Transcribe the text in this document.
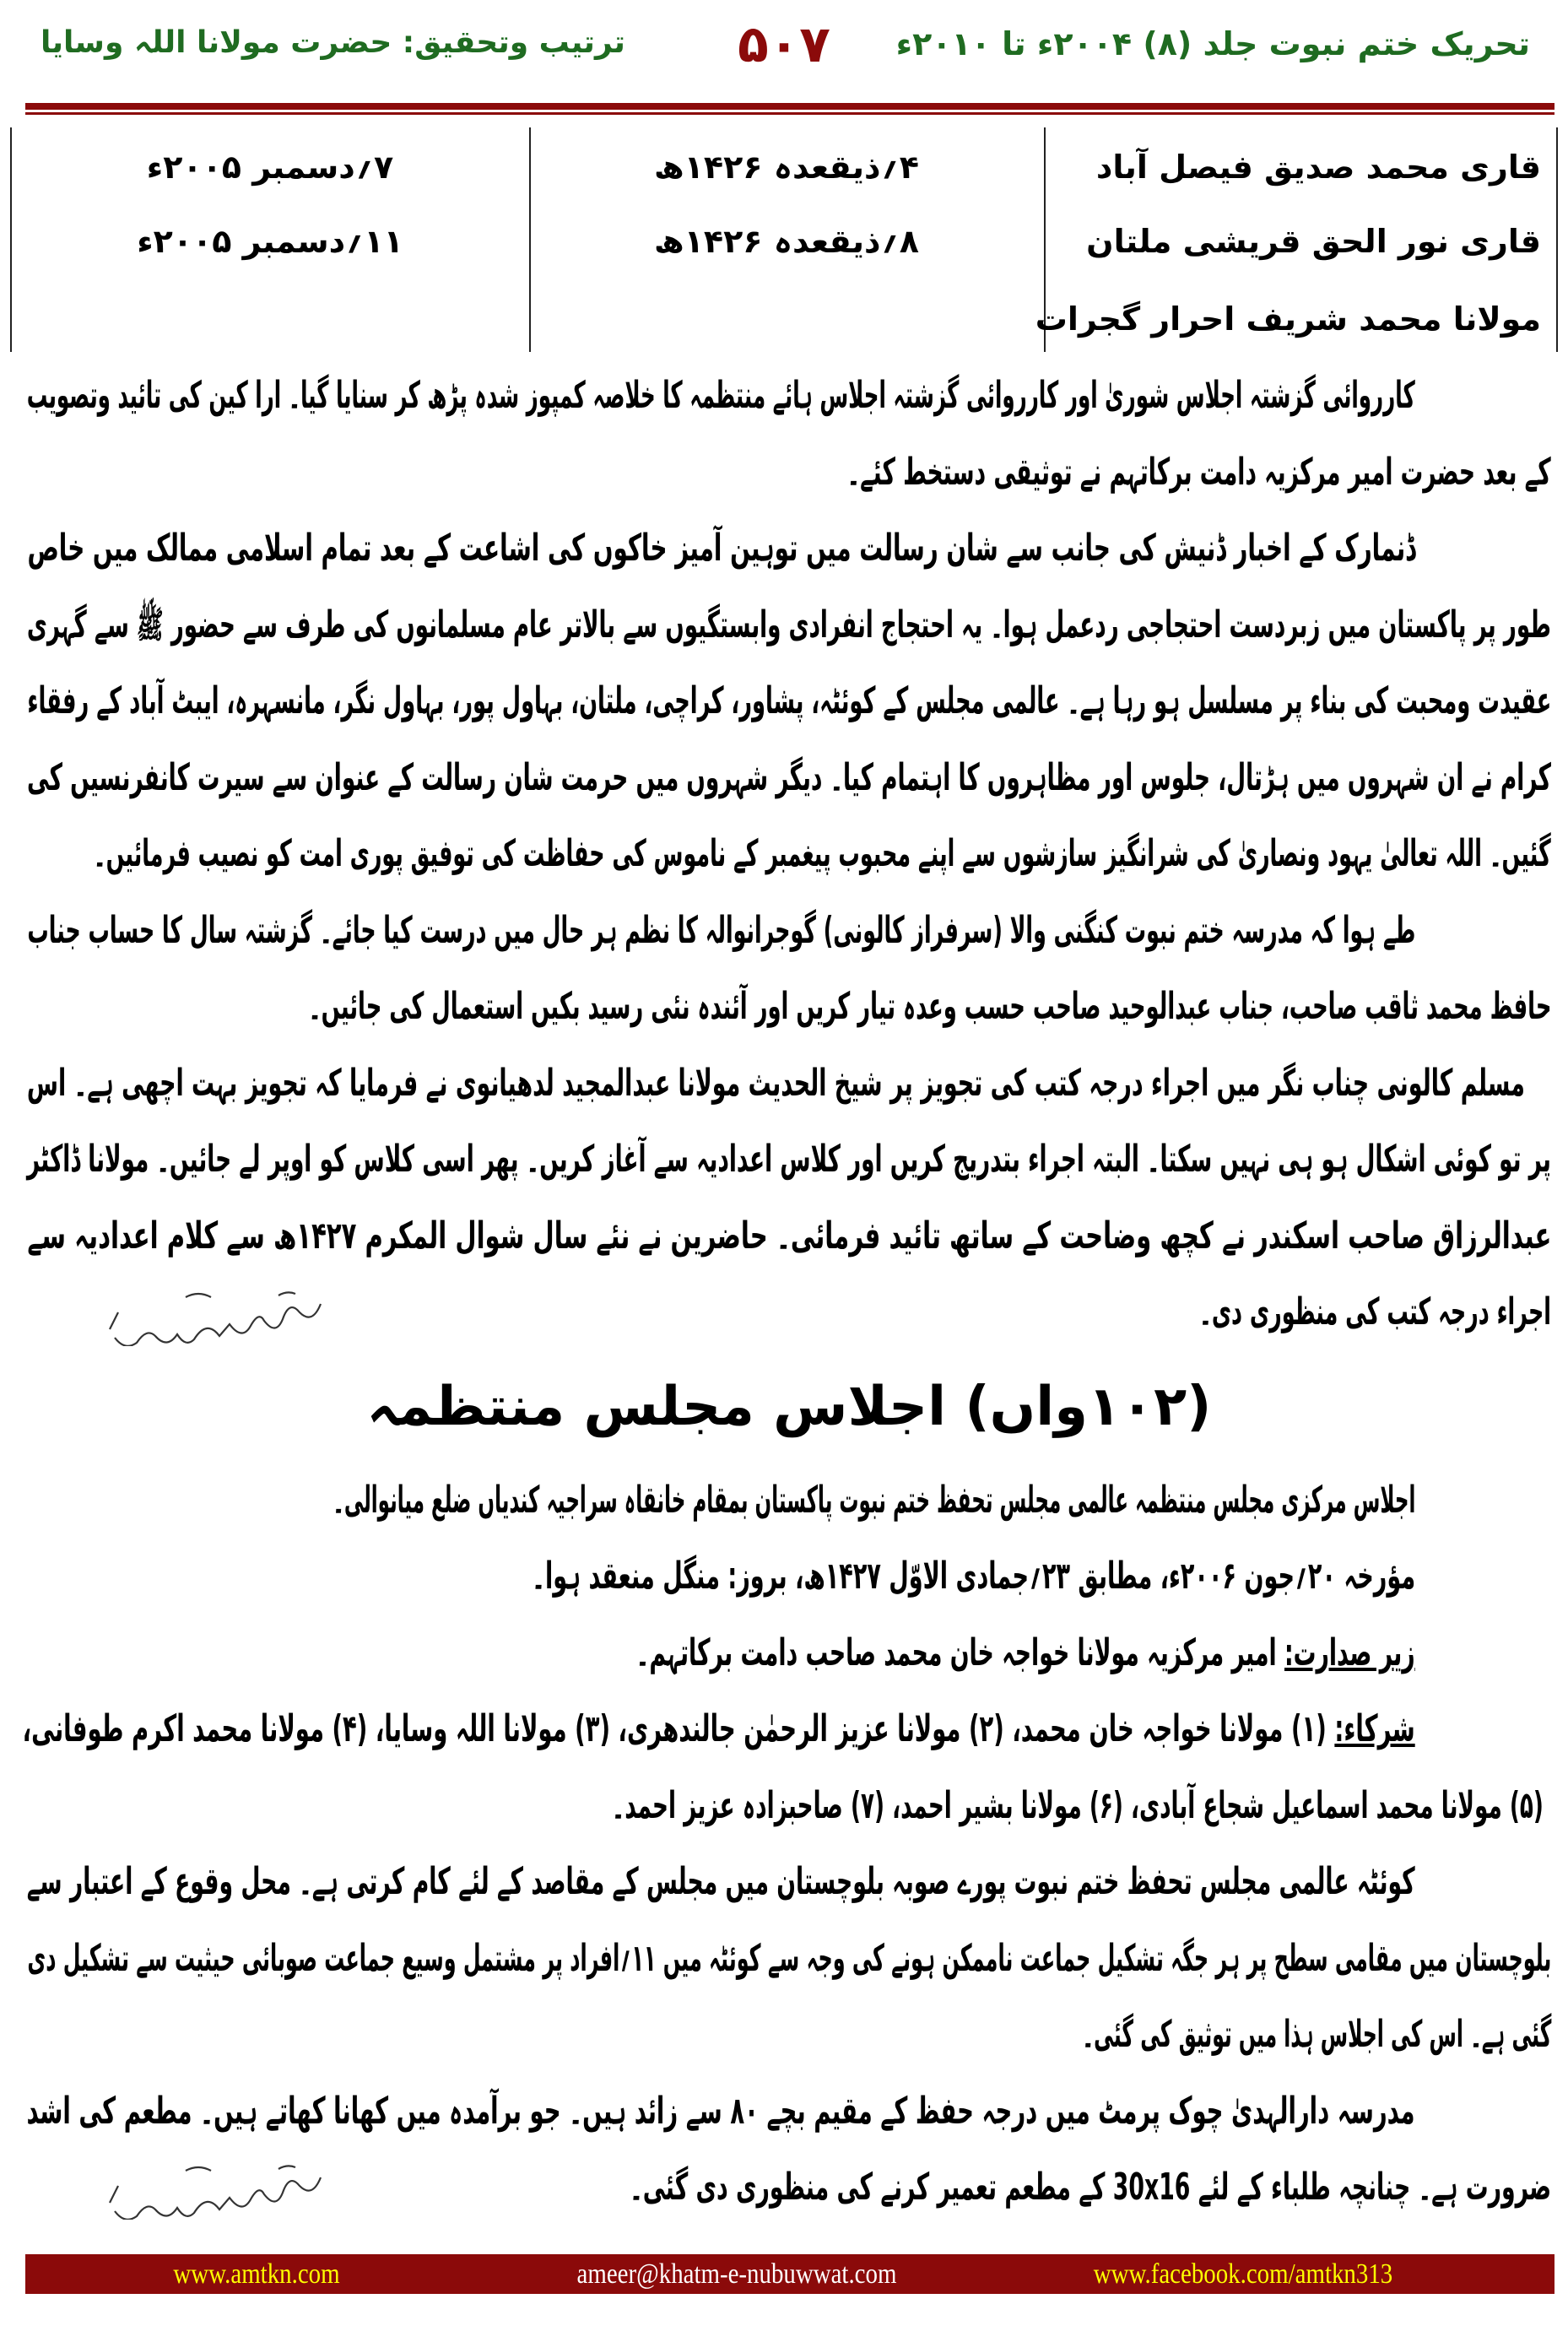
تحریک ختم نبوت جلد (۸) ۲۰۰۴ء تا ۲۰۱۰ء
۵۰۷
ترتیب وتحقیق: حضرت مولانا اللہ وسایا
قاری محمد صدیق فیصل آباد
۴؍ذیقعدہ ۱۴۲۶ھ
۷؍دسمبر ۲۰۰۵ء
قاری نور الحق قریشی ملتان
۸؍ذیقعدہ ۱۴۲۶ھ
۱۱؍دسمبر ۲۰۰۵ء
مولانا محمد شریف احرار گجرات
کارروائی گزشتہ اجلاس شوریٰ اور کارروائی گزشتہ اجلاس ہائے منتظمہ کا خلاصہ کمپوز شدہ پڑھ کر سنایا گیا۔ ارا کین کی تائید وتصویب
کے بعد حضرت امیر مرکزیہ دامت برکاتہم نے توثیقی دستخط کئے۔
ڈنمارک کے اخبار ڈنیش کی جانب سے شان رسالت میں توہین آمیز خاکوں کی اشاعت کے بعد تمام اسلامی ممالک میں خاص
طور پر پاکستان میں زبردست احتجاجی ردعمل ہوا۔ یہ احتجاج انفرادی وابستگیوں سے بالاتر عام مسلمانوں کی طرف سے حضور ﷺ سے گہری
عقیدت ومحبت کی بناء پر مسلسل ہو رہا ہے۔ عالمی مجلس کے کوئٹہ، پشاور، کراچی، ملتان، بہاول پور، بہاول نگر، مانسہرہ، ایبٹ آباد کے رفقاء
کرام نے ان شہروں میں ہڑتال، جلوس اور مظاہروں کا اہتمام کیا۔ دیگر شہروں میں حرمت شان رسالت کے عنوان سے سیرت کانفرنسیں کی
گئیں۔ اللہ تعالیٰ یہود ونصاریٰ کی شرانگیز سازشوں سے اپنے محبوب پیغمبر کے ناموس کی حفاظت کی توفیق پوری امت کو نصیب فرمائیں۔
طے ہوا کہ مدرسہ ختم نبوت کنگنی والا (سرفراز کالونی) گوجرانوالہ کا نظم ہر حال میں درست کیا جائے۔ گزشتہ سال کا حساب جناب
حافظ محمد ثاقب صاحب، جناب عبدالوحید صاحب حسب وعدہ تیار کریں اور آئندہ نئی رسید بکیں استعمال کی جائیں۔
مسلم کالونی چناب نگر میں اجراء درجہ کتب کی تجویز پر شیخ الحدیث مولانا عبدالمجید لدھیانوی نے فرمایا کہ تجویز بہت اچھی ہے۔ اس
پر تو کوئی اشکال ہو ہی نہیں سکتا۔ البتہ اجراء بتدریج کریں اور کلاس اعدادیہ سے آغاز کریں۔ پھر اسی کلاس کو اوپر لے جائیں۔ مولانا ڈاکٹر
عبدالرزاق صاحب اسکندر نے کچھ وضاحت کے ساتھ تائید فرمائی۔ حاضرین نے نئے سال شوال المکرم ۱۴۲۷ھ سے کلام اعدادیہ سے
اجراء درجہ کتب کی منظوری دی۔
(۱۰۲واں) اجلاس مجلس منتظمہ
اجلاس مرکزی مجلس منتظمہ عالمی مجلس تحفظ ختم نبوت پاکستان بمقام خانقاہ سراجیہ کندیاں ضلع میانوالی۔
مؤرخہ ۲۰؍جون ۲۰۰۶ء، مطابق ۲۳؍جمادی الاوّل ۱۴۲۷ھ، بروز: منگل منعقد ہوا۔
زیر صدارت: امیر مرکزیہ مولانا خواجہ خان محمد صاحب دامت برکاتہم۔
شرکاء: (۱) مولانا خواجہ خان محمد، (۲) مولانا عزیز الرحمٰن جالندھری، (۳) مولانا اللہ وسایا، (۴) مولانا محمد اکرم طوفانی،
(۵) مولانا محمد اسماعیل شجاع آبادی، (۶) مولانا بشیر احمد، (۷) صاحبزادہ عزیز احمد۔
کوئٹہ عالمی مجلس تحفظ ختم نبوت پورے صوبہ بلوچستان میں مجلس کے مقاصد کے لئے کام کرتی ہے۔ محل وقوع کے اعتبار سے
بلوچستان میں مقامی سطح پر ہر جگہ تشکیل جماعت ناممکن ہونے کی وجہ سے کوئٹہ میں ۱۱؍افراد پر مشتمل وسیع جماعت صوبائی حیثیت سے تشکیل دی
گئی ہے۔ اس کی اجلاس ہذا میں توثیق کی گئی۔
مدرسہ دارالہدیٰ چوک پرمٹ میں درجہ حفظ کے مقیم بچے ۸۰ سے زائد ہیں۔ جو برآمدہ میں کھانا کھاتے ہیں۔ مطعم کی اشد
ضرورت ہے۔ چنانچہ طلباء کے لئے 30x16 کے مطعم تعمیر کرنے کی منظوری دی گئی۔
www.amtkn.com	ameer@khatm-e-nubuwwat.com	www.facebook.com/amtkn313
